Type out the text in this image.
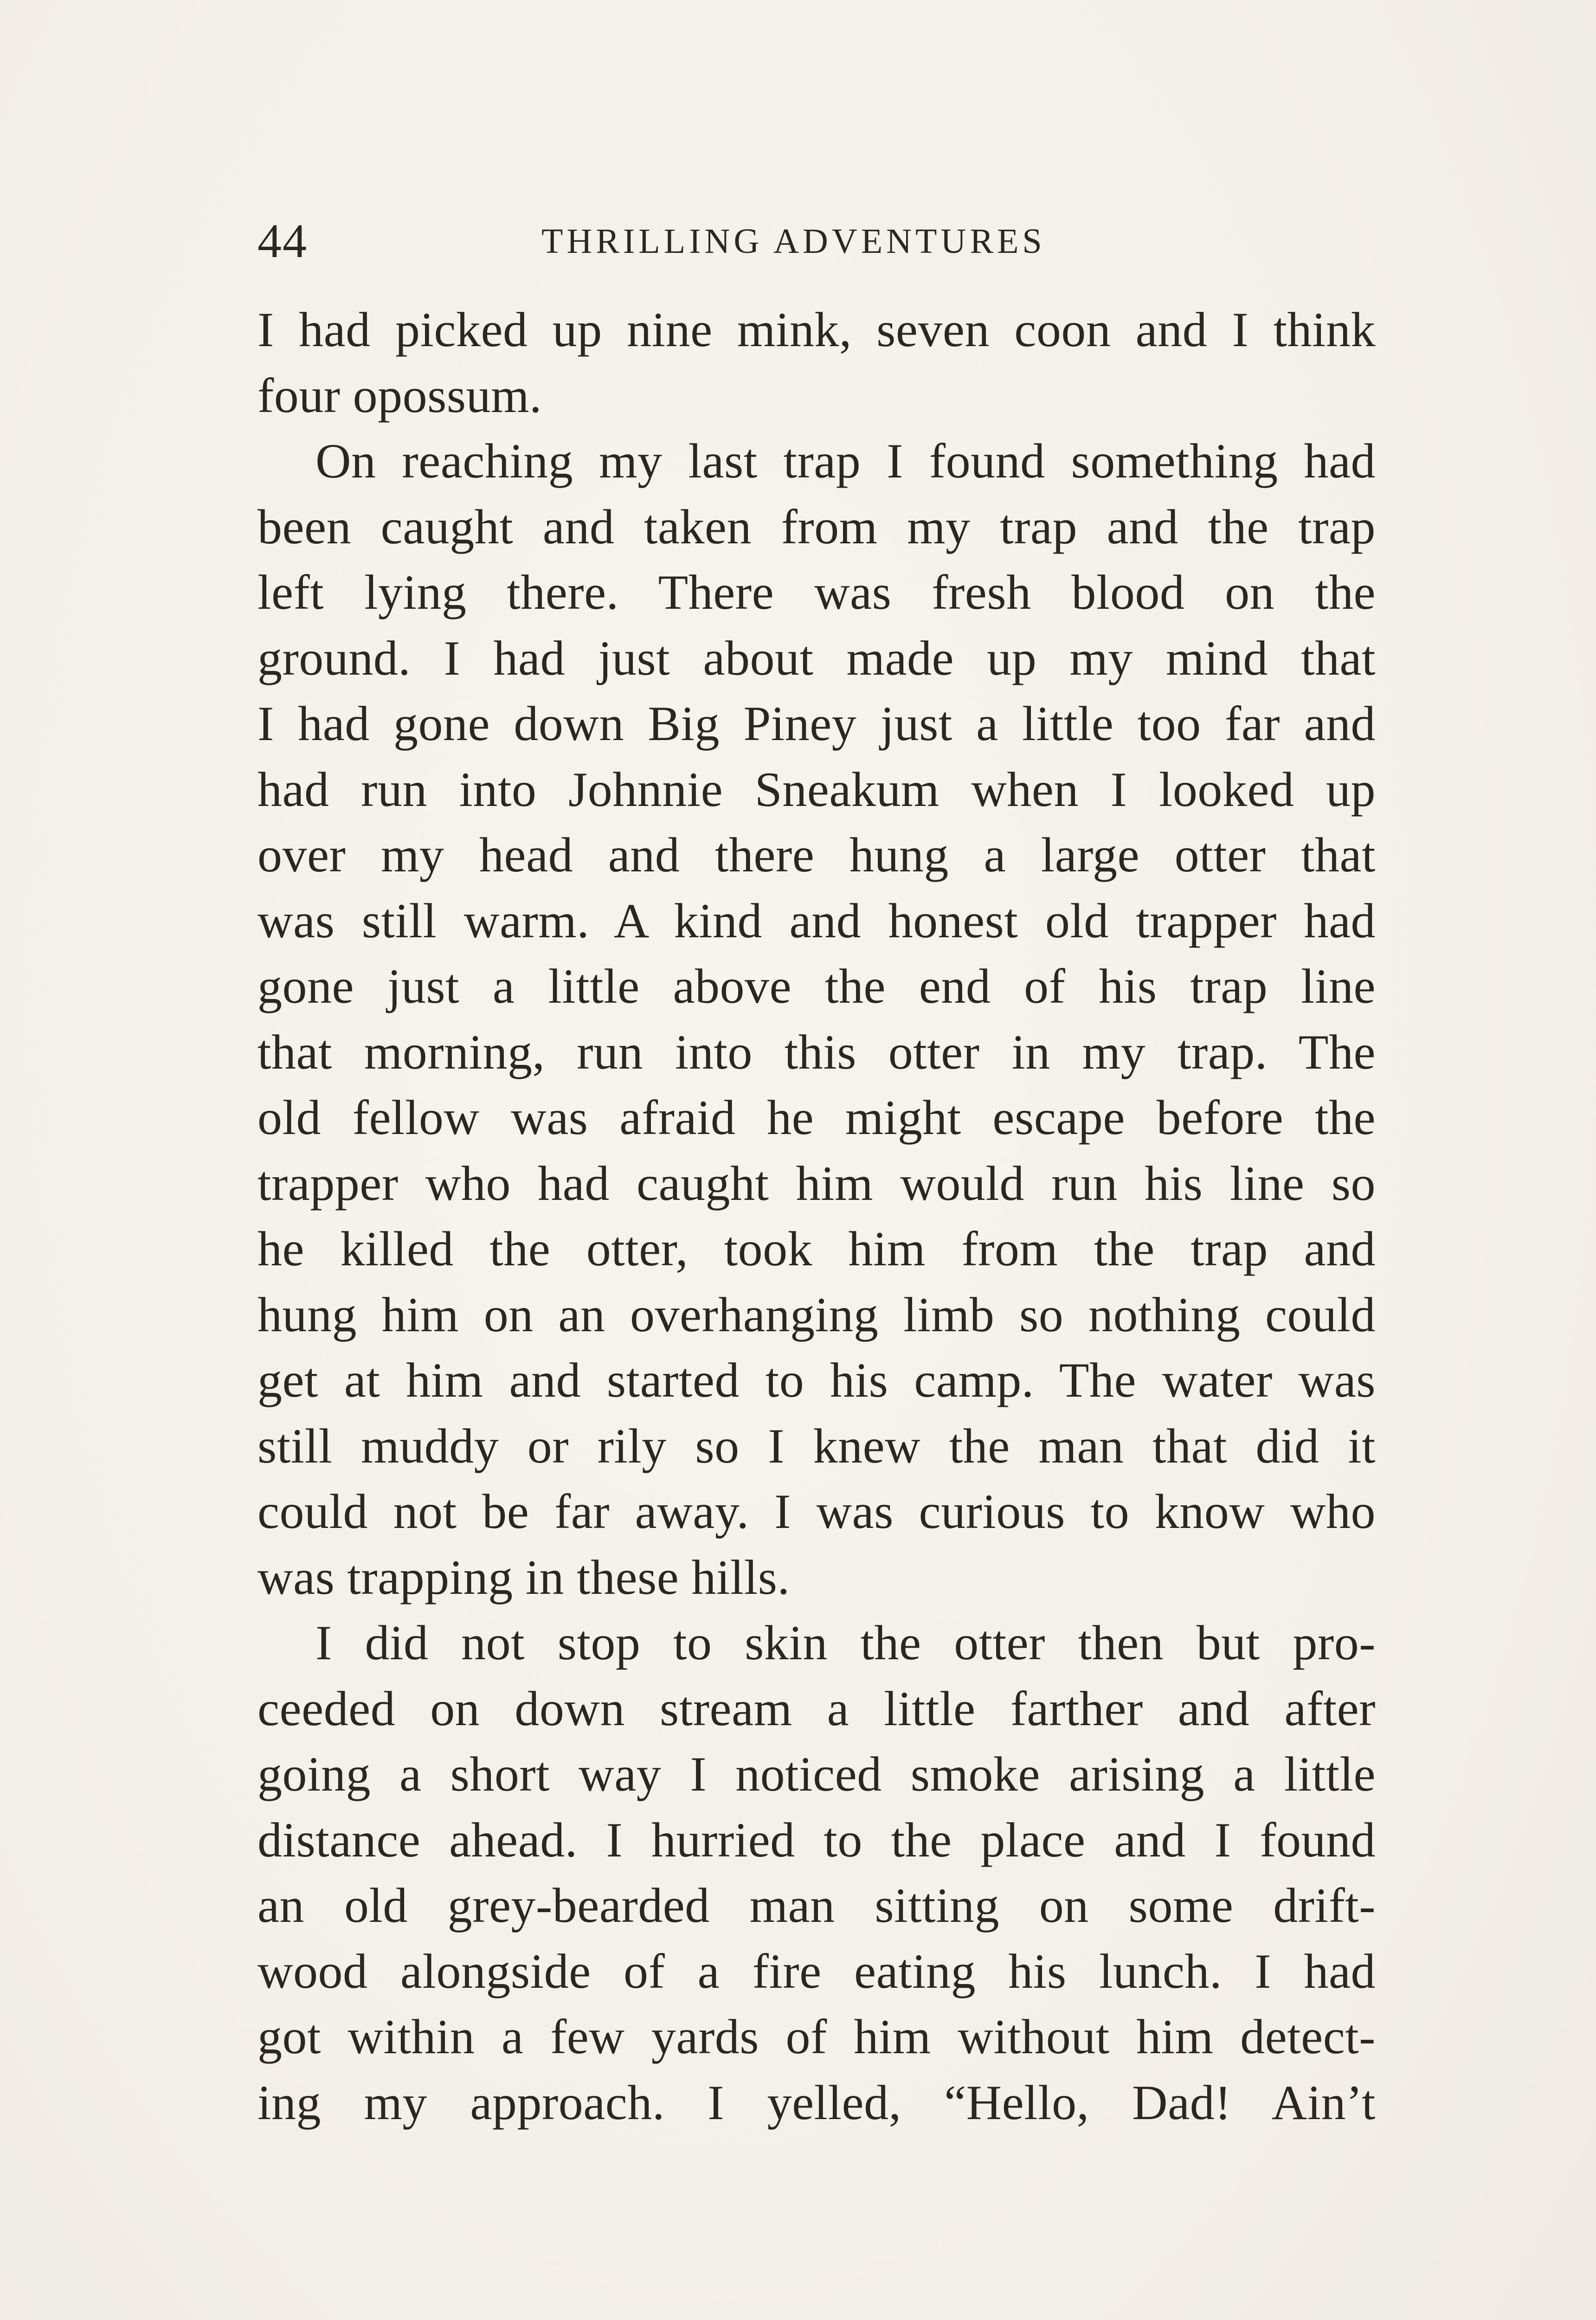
44	THRILLING ADVENTURES
I had picked up nine mink, seven coon and I think
four opossum.
On reaching my last trap I found something had
been caught and taken from my trap and the trap
left lying there. There was fresh blood on the
ground. I had just about made up my mind that
I had gone down Big Piney just a little too far and
had run into Johnnie Sneakum when I looked up
over my head and there hung a large otter that
was still warm. A kind and honest old trapper had
gone just a little above the end of his trap line
that morning, run into this otter in my trap. The
old fellow was afraid he might escape before the
trapper who had caught him would run his line so
he killed the otter, took him from the trap and
hung him on an overhanging limb so nothing could
get at him and started to his camp. The water was
still muddy or rily so I knew the man that did it
could not be far away. I was curious to know who
was trapping in these hills.
I did not stop to skin the otter then but pro-
ceeded on down stream a little farther and after
going a short way I noticed smoke arising a little
distance ahead. I hurried to the place and I found
an old grey-bearded man sitting on some drift-
wood alongside of a fire eating his lunch. I had
got within a few yards of him without him detect-
ing my approach. I yelled, “Hello, Dad! Ain’t
